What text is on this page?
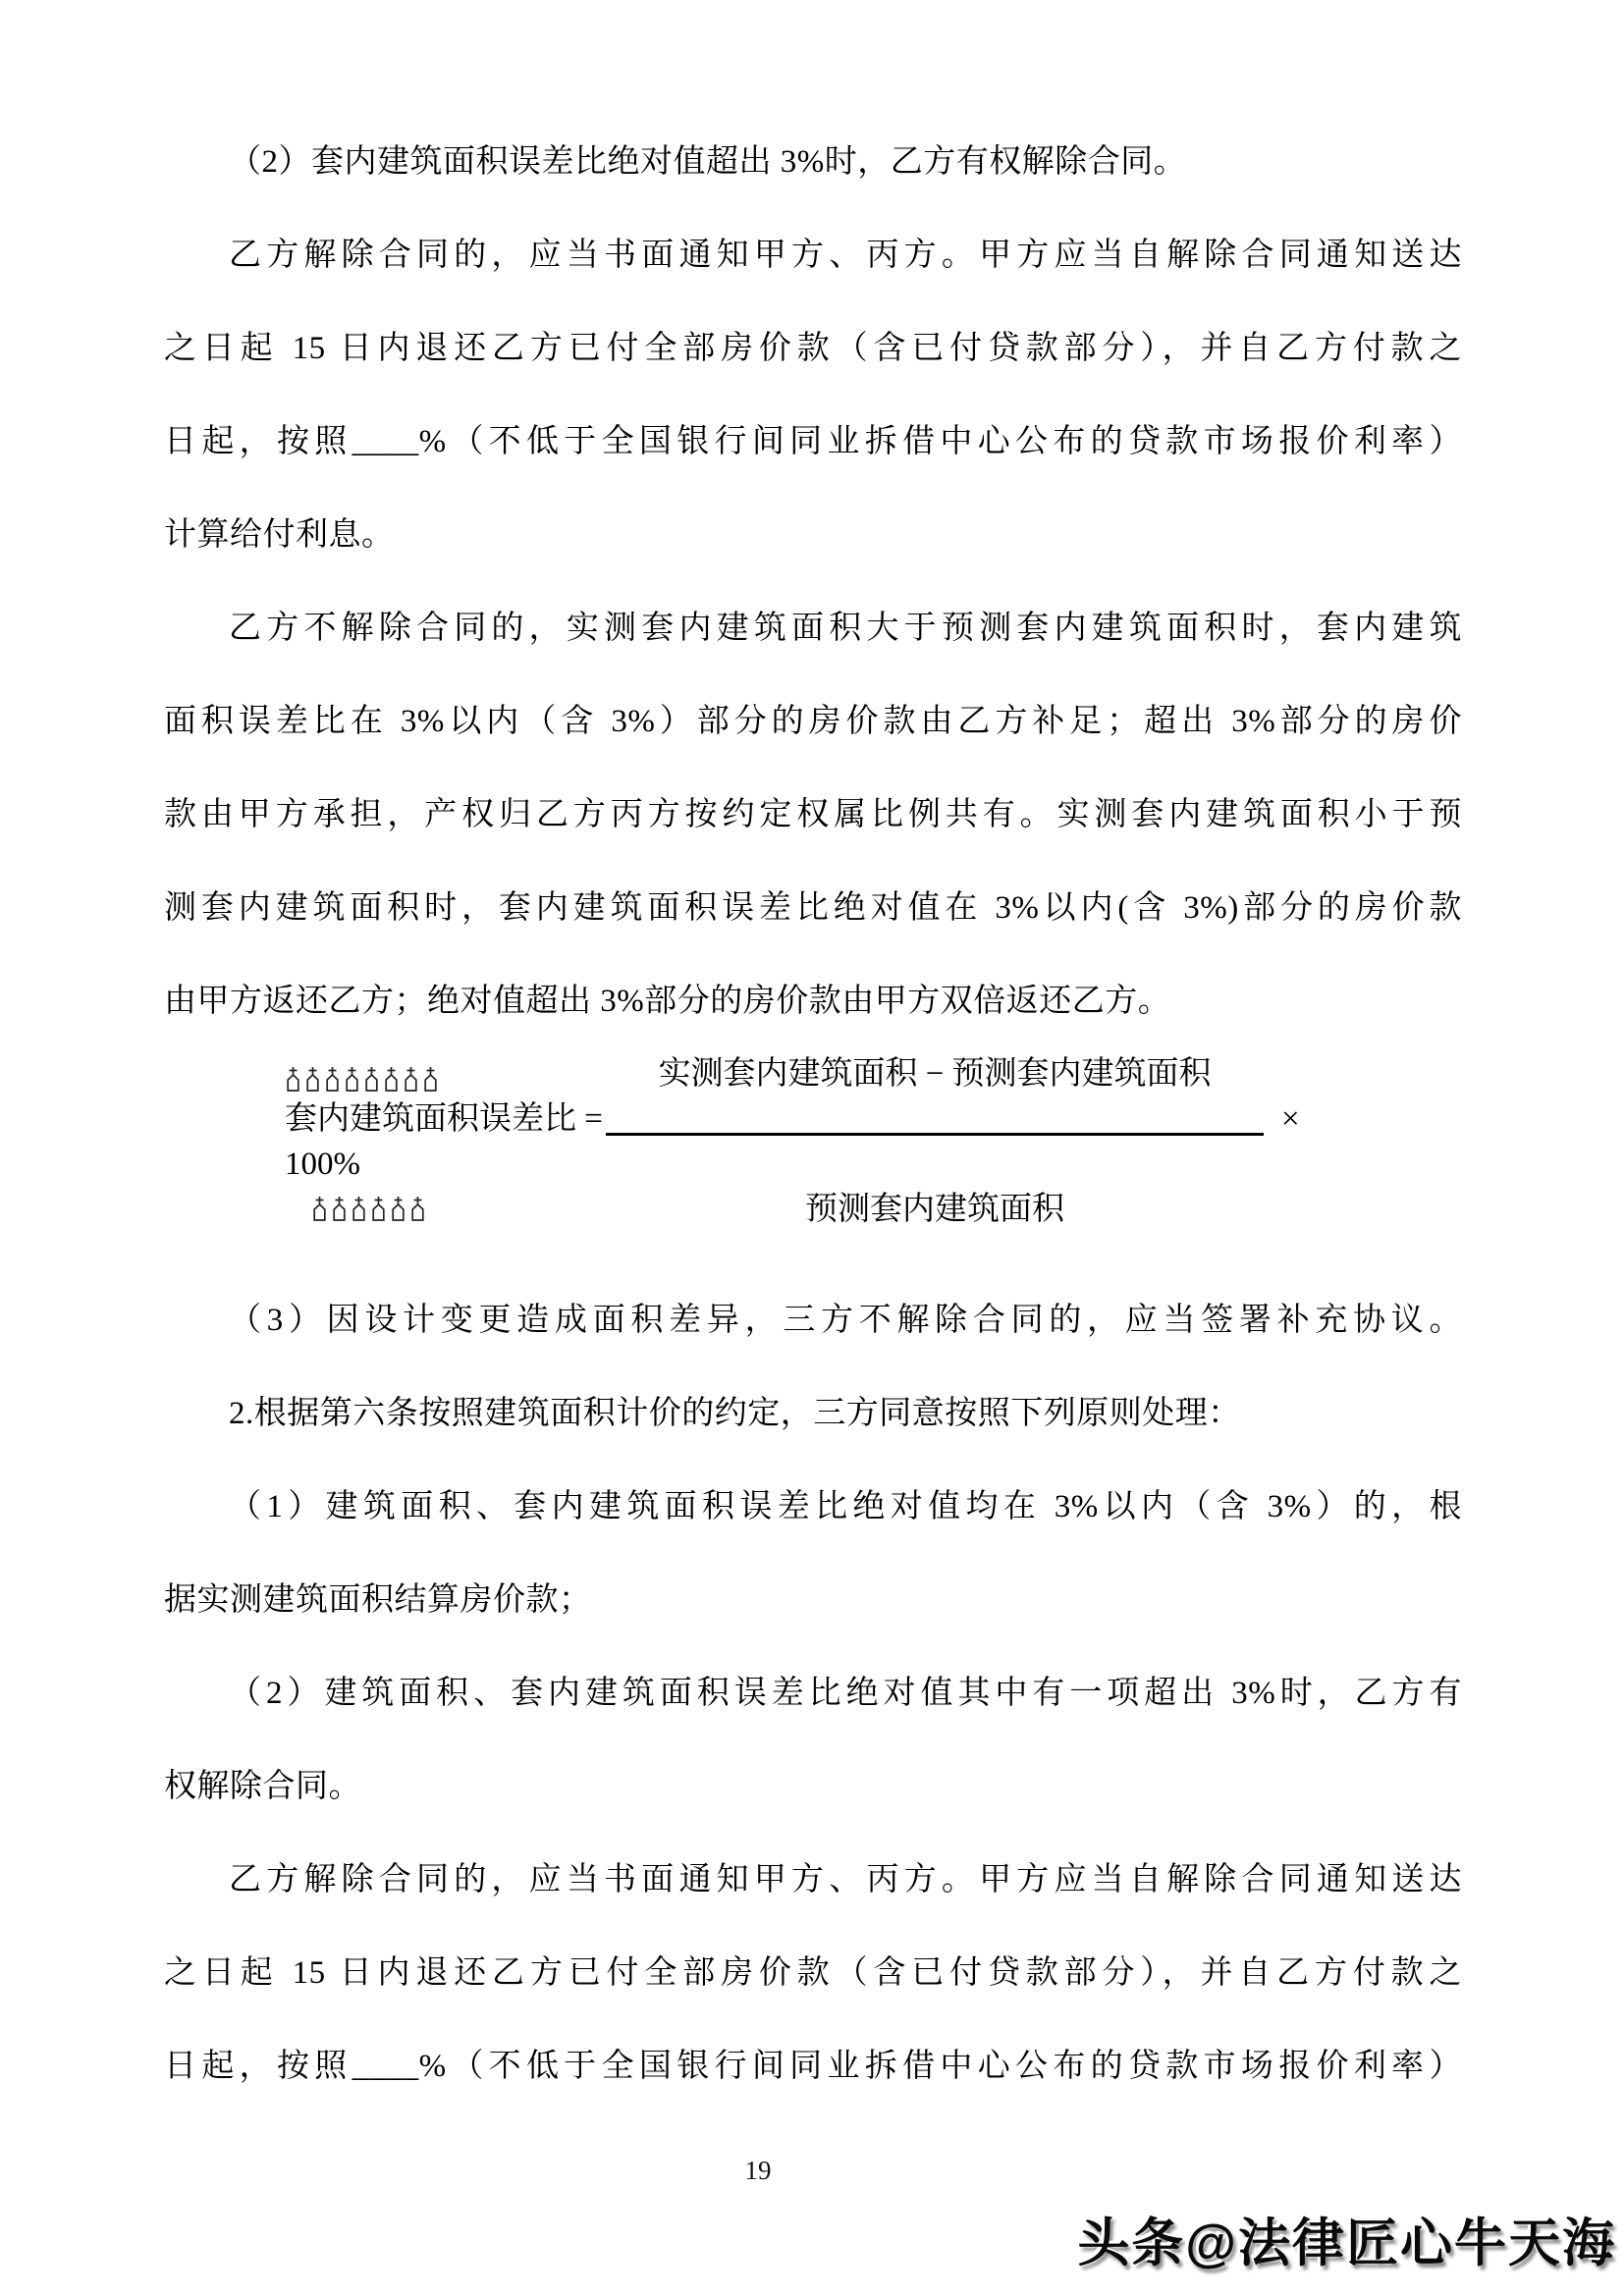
（2）套内建筑面积误差比绝对值超出 3%时，乙方有权解除合同。
乙方解除合同的，应当书面通知甲方、丙方。甲方应当自解除合同通知送达
之日起 15 日内退还乙方已付全部房价款（含已付贷款部分），并自乙方付款之
日起，按照____%（不低于全国银行间同业拆借中心公布的贷款市场报价利率）
计算给付利息。
乙方不解除合同的，实测套内建筑面积大于预测套内建筑面积时，套内建筑
面积误差比在 3%以内（含 3%）部分的房价款由乙方补足；超出 3%部分的房价
款由甲方承担，产权归乙方丙方按约定权属比例共有。实测套内建筑面积小于预
测套内建筑面积时，套内建筑面积误差比绝对值在 3%以内(含 3%)部分的房价款
由甲方返还乙方；绝对值超出 3%部分的房价款由甲方双倍返还乙方。
实测套内建筑面积 − 预测套内建筑面积
套内建筑面积误差比 =	×
100%
预测套内建筑面积
（3）因设计变更造成面积差异，三方不解除合同的，应当签署补充协议。
2.根据第六条按照建筑面积计价的约定，三方同意按照下列原则处理：
（1）建筑面积、套内建筑面积误差比绝对值均在 3%以内（含 3%）的，根
据实测建筑面积结算房价款；
（2）建筑面积、套内建筑面积误差比绝对值其中有一项超出 3%时，乙方有
权解除合同。
乙方解除合同的，应当书面通知甲方、丙方。甲方应当自解除合同通知送达
之日起 15 日内退还乙方已付全部房价款（含已付贷款部分），并自乙方付款之
日起，按照____%（不低于全国银行间同业拆借中心公布的贷款市场报价利率）
19
头条@法律匠心牛天海
